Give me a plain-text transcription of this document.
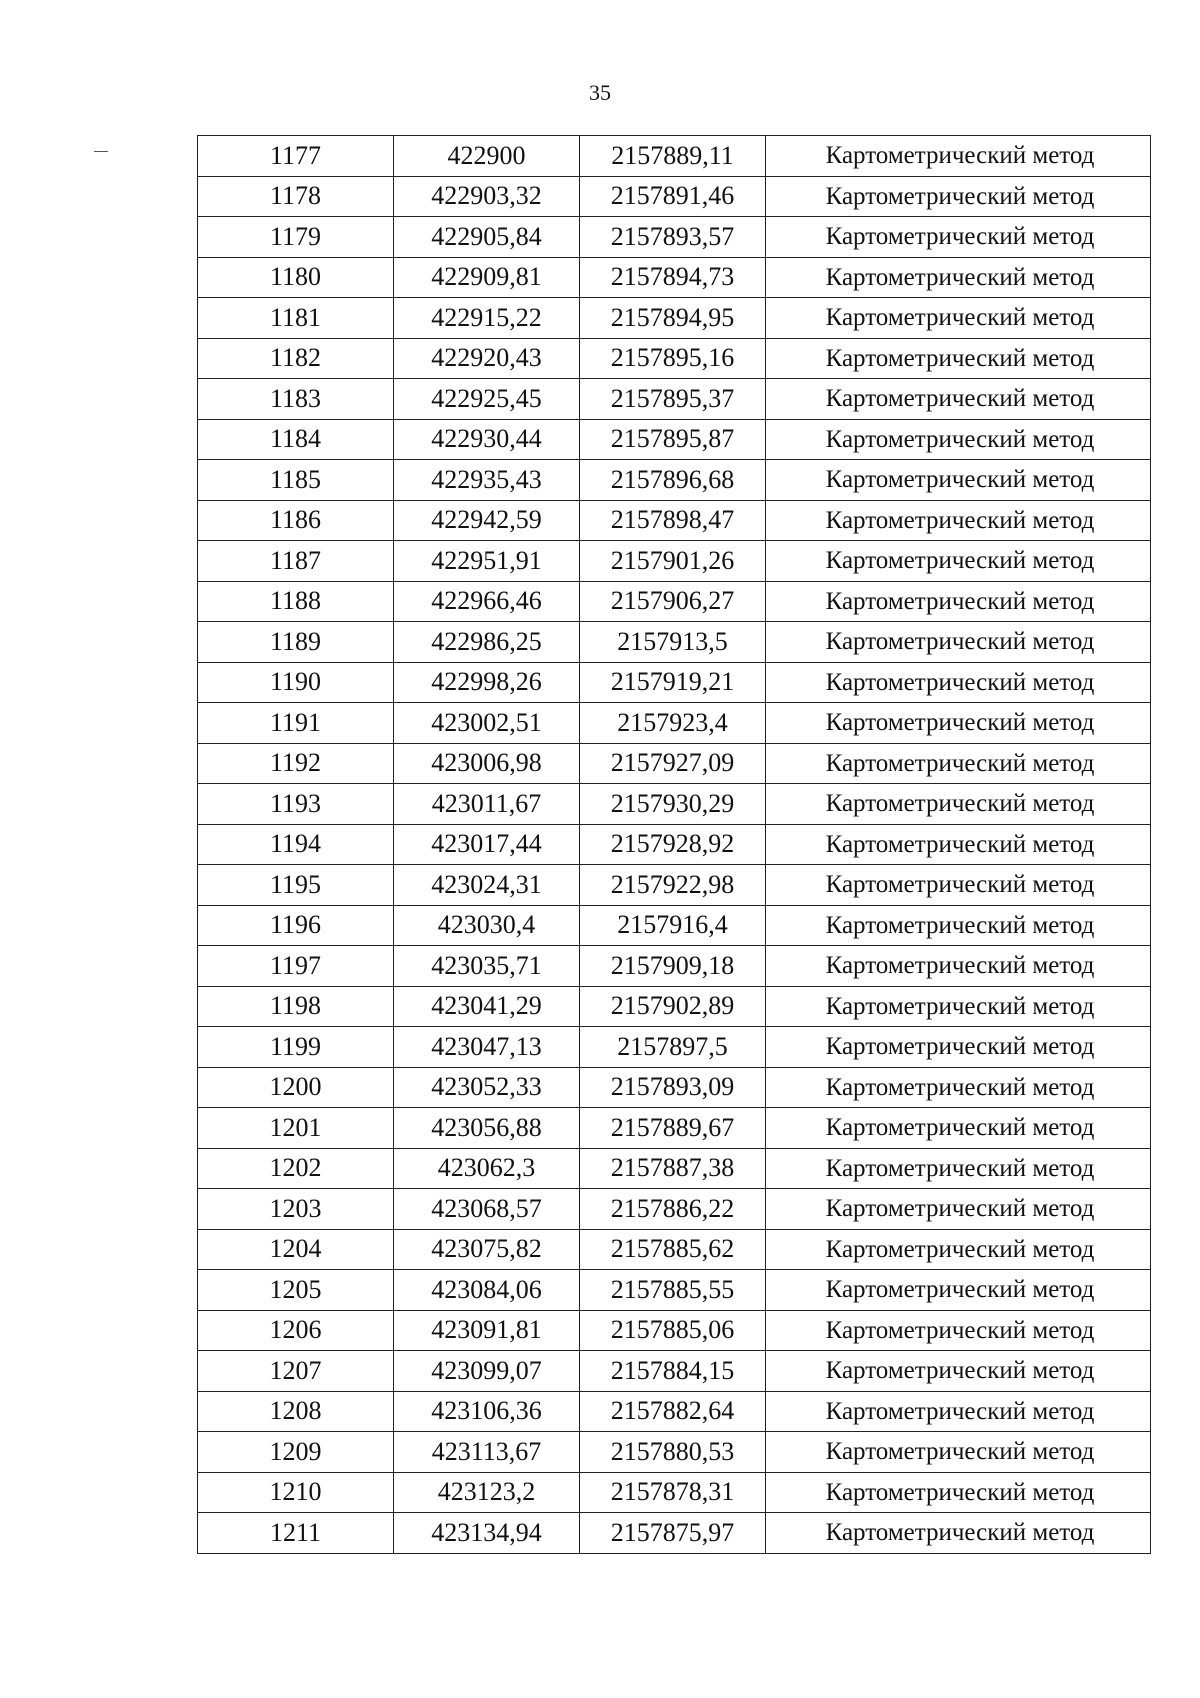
35
1177	422900	2157889,11	Картометрический метод
1178	422903,32	2157891,46	Картометрический метод
1179	422905,84	2157893,57	Картометрический метод
1180	422909,81	2157894,73	Картометрический метод
1181	422915,22	2157894,95	Картометрический метод
1182	422920,43	2157895,16	Картометрический метод
1183	422925,45	2157895,37	Картометрический метод
1184	422930,44	2157895,87	Картометрический метод
1185	422935,43	2157896,68	Картометрический метод
1186	422942,59	2157898,47	Картометрический метод
1187	422951,91	2157901,26	Картометрический метод
1188	422966,46	2157906,27	Картометрический метод
1189	422986,25	2157913,5	Картометрический метод
1190	422998,26	2157919,21	Картометрический метод
1191	423002,51	2157923,4	Картометрический метод
1192	423006,98	2157927,09	Картометрический метод
1193	423011,67	2157930,29	Картометрический метод
1194	423017,44	2157928,92	Картометрический метод
1195	423024,31	2157922,98	Картометрический метод
1196	423030,4	2157916,4	Картометрический метод
1197	423035,71	2157909,18	Картометрический метод
1198	423041,29	2157902,89	Картометрический метод
1199	423047,13	2157897,5	Картометрический метод
1200	423052,33	2157893,09	Картометрический метод
1201	423056,88	2157889,67	Картометрический метод
1202	423062,3	2157887,38	Картометрический метод
1203	423068,57	2157886,22	Картометрический метод
1204	423075,82	2157885,62	Картометрический метод
1205	423084,06	2157885,55	Картометрический метод
1206	423091,81	2157885,06	Картометрический метод
1207	423099,07	2157884,15	Картометрический метод
1208	423106,36	2157882,64	Картометрический метод
1209	423113,67	2157880,53	Картометрический метод
1210	423123,2	2157878,31	Картометрический метод
1211	423134,94	2157875,97	Картометрический метод
